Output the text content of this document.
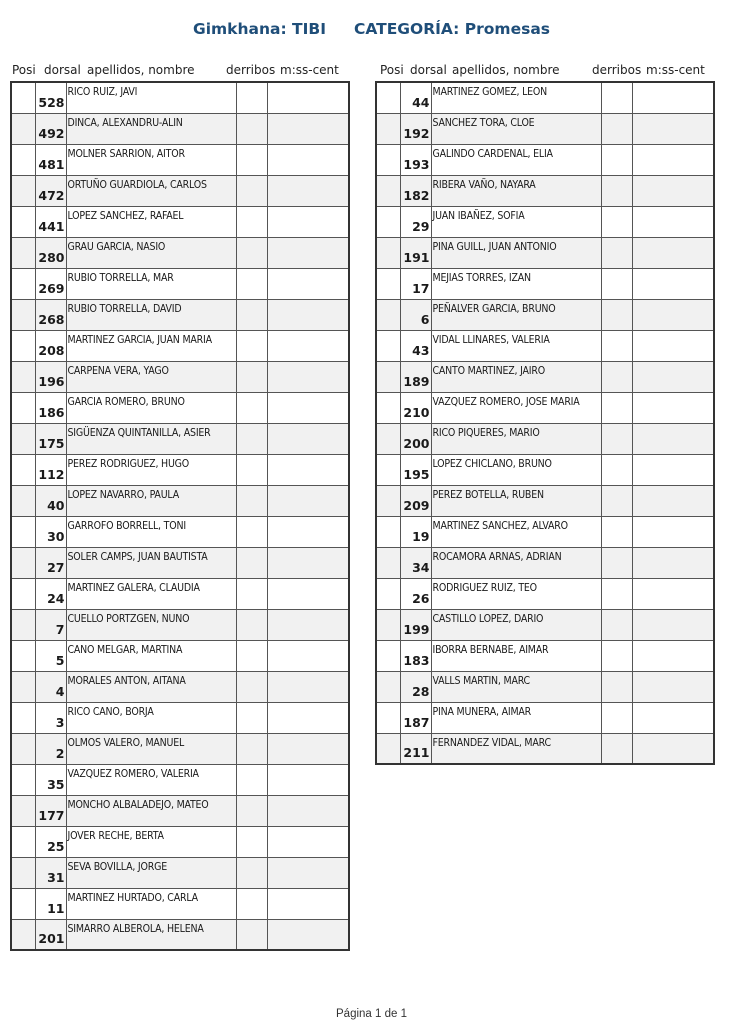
Gimkhana: TIBI CATEGORÍA: Promesas
Posi dorsal apellidos, nombre	derribos m:ss-cent	Posi dorsal apellidos, nombre	derribos m:ss-cent
	528	RICO RUIZ, JAVI		
	492	DINCA, ALEXANDRU-ALIN		
	481	MOLNER SARRION, AITOR		
	472	ORTUÑO GUARDIOLA, CARLOS		
	441	LOPEZ SANCHEZ, RAFAEL		
	280	GRAU GARCIA, NASIO		
	269	RUBIO TORRELLA, MAR		
	268	RUBIO TORRELLA, DAVID		
	208	MARTINEZ GARCIA, JUAN MARIA		
	196	CARPENA VERA, YAGO		
	186	GARCIA ROMERO, BRUNO		
	175	SIGÜENZA QUINTANILLA, ASIER		
	112	PEREZ RODRIGUEZ, HUGO		
	40	LOPEZ NAVARRO, PAULA		
	30	GARROFO BORRELL, TONI		
	27	SOLER CAMPS, JUAN BAUTISTA		
	24	MARTINEZ GALERA, CLAUDIA		
	7	CUELLO PORTZGEN, NUNO		
	5	CANO MELGAR, MARTINA		
	4	MORALES ANTON, AITANA		
	3	RICO CANO, BORJA		
	2	OLMOS VALERO, MANUEL		
	35	VAZQUEZ ROMERO, VALERIA		
	177	MONCHO ALBALADEJO, MATEO		
	25	JOVER RECHE, BERTA		
	31	SEVA BOVILLA, JORGE		
	11	MARTINEZ HURTADO, CARLA		
	201	SIMARRO ALBEROLA, HELENA		
	44	MARTINEZ GOMEZ, LEON		
	192	SANCHEZ TORA, CLOE		
	193	GALINDO CARDENAL, ELIA		
	182	RIBERA VAÑO, NAYARA		
	29	JUAN IBAÑEZ, SOFIA		
	191	PINA GUILL, JUAN ANTONIO		
	17	MEJIAS TORRES, IZAN		
	6	PEÑALVER GARCIA, BRUNO		
	43	VIDAL LLINARES, VALERIA		
	189	CANTO MARTINEZ, JAIRO		
	210	VAZQUEZ ROMERO, JOSE MARIA		
	200	RICO PIQUERES, MARIO		
	195	LOPEZ CHICLANO, BRUNO		
	209	PEREZ BOTELLA, RUBEN		
	19	MARTINEZ SANCHEZ, ALVARO		
	34	ROCAMORA ARNAS, ADRIAN		
	26	RODRIGUEZ RUIZ, TEO		
	199	CASTILLO LOPEZ, DARIO		
	183	IBORRA BERNABE, AIMAR		
	28	VALLS MARTIN, MARC		
	187	PINA MUNERA, AIMAR		
	211	FERNANDEZ VIDAL, MARC		
Página 1 de 1
